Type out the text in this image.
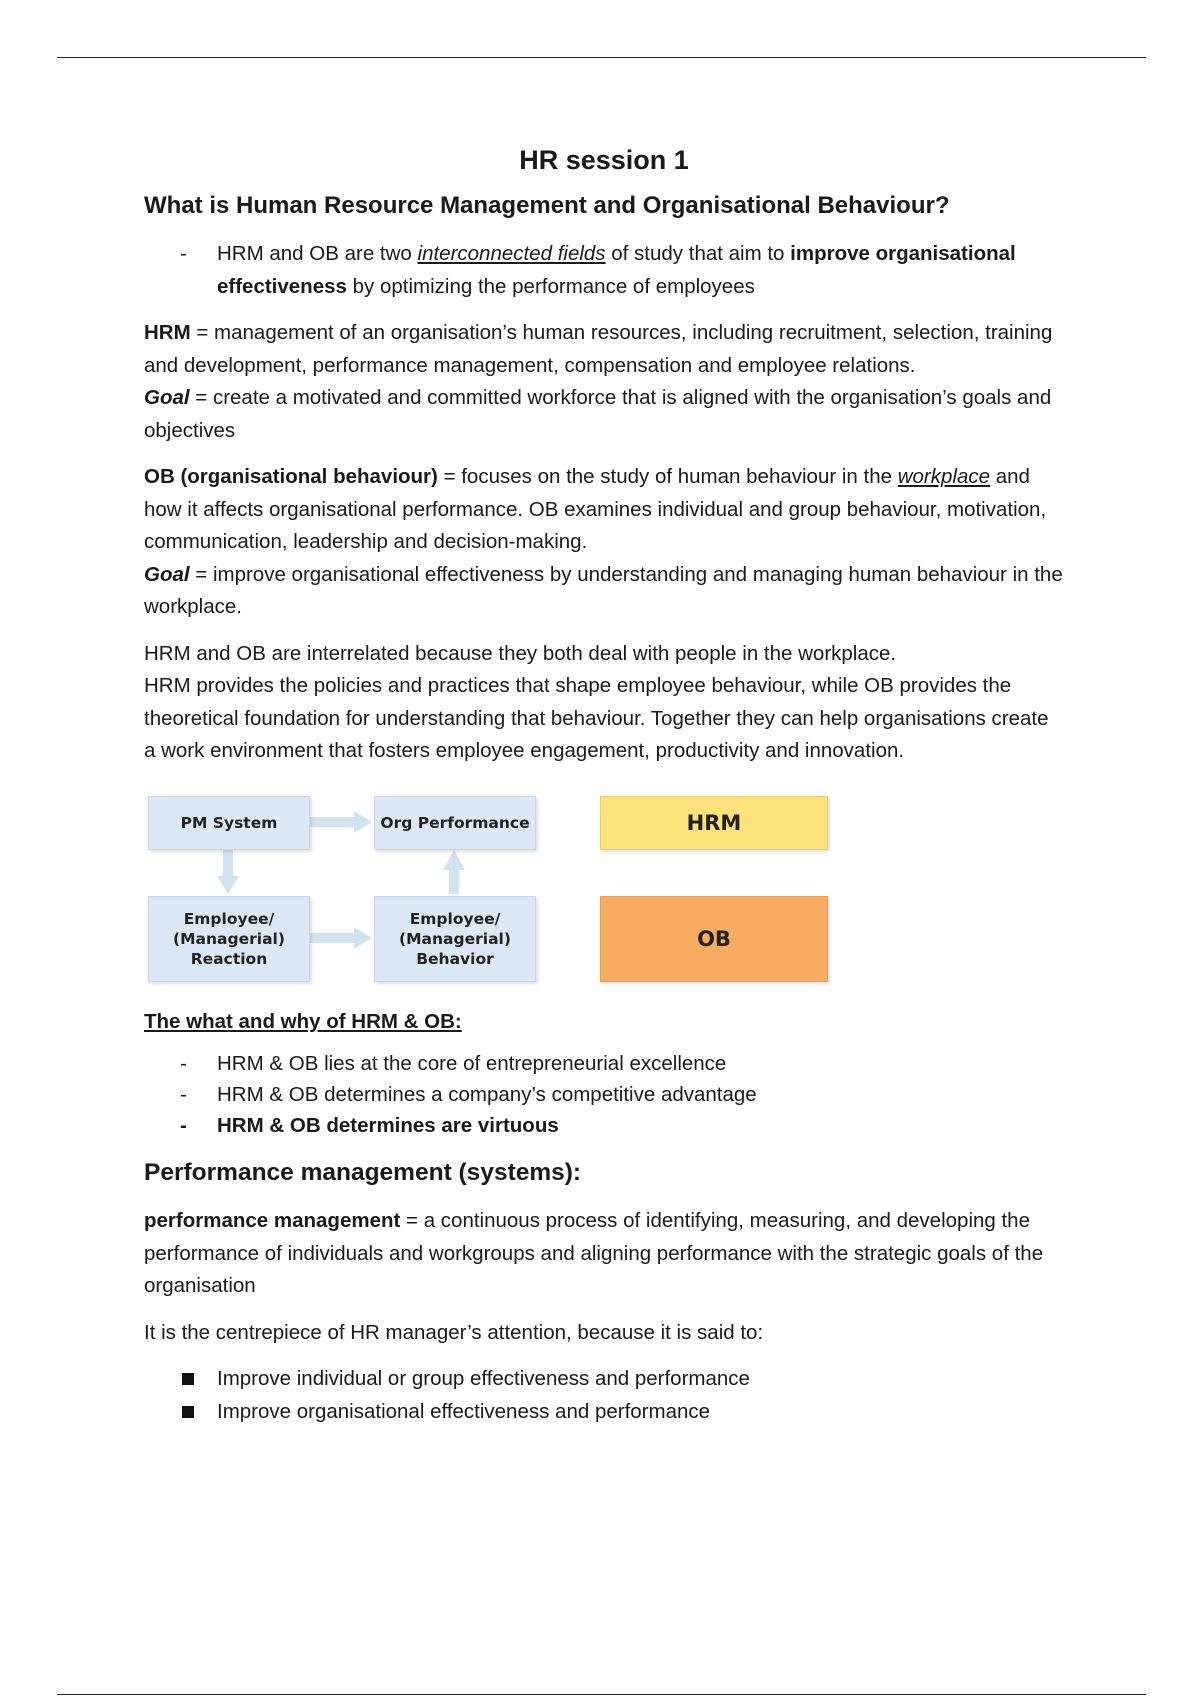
HR session 1
What is Human Resource Management and Organisational Behaviour?
- HRM and OB are two interconnected fields of study that aim to improve organisational effectiveness by optimizing the performance of employees
HRM = management of an organisation’s human resources, including recruitment, selection, training and development, performance management, compensation and employee relations.
Goal = create a motivated and committed workforce that is aligned with the organisation’s goals and objectives
OB (organisational behaviour) = focuses on the study of human behaviour in the workplace and how it affects organisational performance. OB examines individual and group behaviour, motivation, communication, leadership and decision-making.
Goal = improve organisational effectiveness by understanding and managing human behaviour in the workplace.
HRM and OB are interrelated because they both deal with people in the workplace.
HRM provides the policies and practices that shape employee behaviour, while OB provides the theoretical foundation for understanding that behaviour. Together they can help organisations create a work environment that fosters employee engagement, productivity and innovation.
PM System	Org Performance
Employee/
(Managerial)
Reaction
Employee/
(Managerial)
Behavior
HRM
OB
The what and why of HRM & OB:
- HRM & OB lies at the core of entrepreneurial excellence
- HRM & OB determines a company’s competitive advantage
- HRM & OB determines are virtuous
Performance management (systems):
performance management = a continuous process of identifying, measuring, and developing the performance of individuals and workgroups and aligning performance with the strategic goals of the organisation
It is the centrepiece of HR manager’s attention, because it is said to:
Improve individual or group effectiveness and performance
Improve organisational effectiveness and performance
